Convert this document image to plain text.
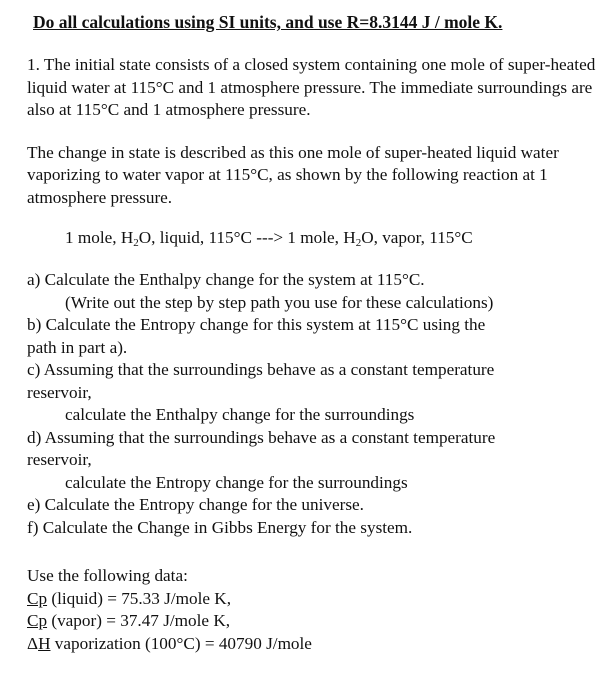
Do all calculations using SI units, and use R=8.3144 J / mole K.

1. The initial state consists of a closed system containing one mole of super-heated liquid water at 115°C and 1 atmosphere pressure. The immediate surroundings are also at 115°C and 1 atmosphere pressure.

The change in state is described as this one mole of super-heated liquid water vaporizing to water vapor at 115°C, as shown by the following reaction at 1 atmosphere pressure.

1 mole, $H_2O$, liquid, 115°C ---> 1 mole, $H_2O$, vapor, 115°C

a) Calculate the Enthalpy change for the system at 115°C.

(Write out the step by step path you use for these calculations)

b) Calculate the Entropy change for this system at 115°C using the

path in part a).

c) Assuming that the surroundings behave as a constant temperature

reservoir,

calculate the Enthalpy change for the surroundings

d) Assuming that the surroundings behave as a constant temperature

reservoir,

calculate the Entropy change for the surroundings

e) Calculate the Entropy change for the universe.

f) Calculate the Change in Gibbs Energy for the system.

Use the following data:

Cp (liquid) = 75.33 J/mole K,

Cp (vapor) = 37.47 J/mole K,

ΔH vaporization (100°C) = 40790 J/mole
